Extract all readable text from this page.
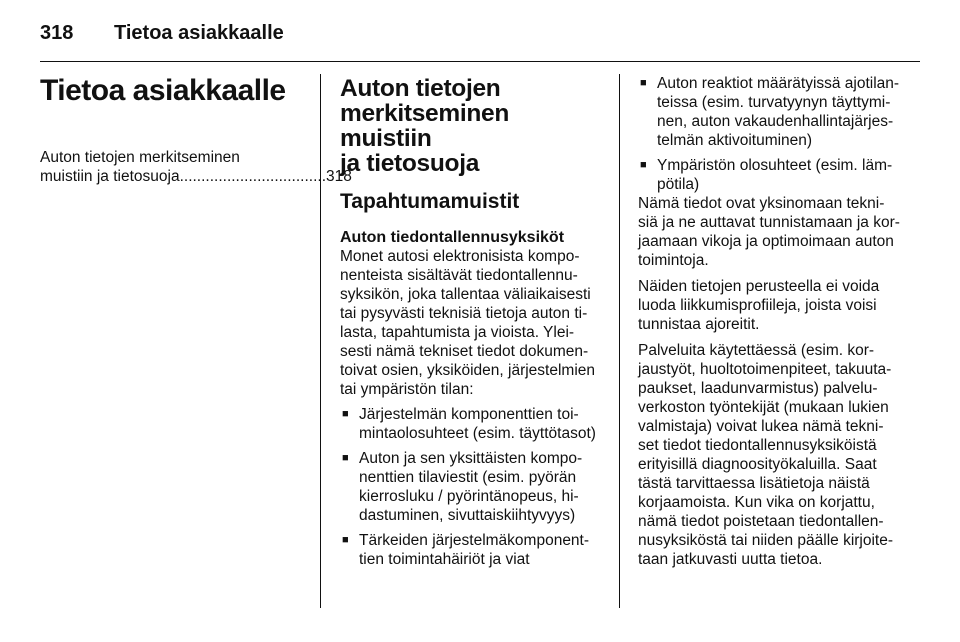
318 Tietoa asiakkaalle
Tietoa asiakkaalle
Auton tietojen merkitseminen
muistiin ja tietosuoja .................................. 318
Auton tietojen
merkitseminen muistiin
ja tietosuoja
Tapahtumamuistit
Auton tiedontallennusyksiköt
Monet autosi elektronisista kompo-
nenteista sisältävät tiedontallennu-
syksikön, joka tallentaa väliaikaisesti
tai pysyvästi teknisiä tietoja auton ti-
lasta, tapahtumista ja vioista. Ylei-
sesti nämä tekniset tiedot dokumen-
toivat osien, yksiköiden, järjestelmien
tai ympäristön tilan:
■ Järjestelmän komponenttien toi-
mintaolosuhteet (esim. täyttötasot)
■ Auton ja sen yksittäisten kompo-
nenttien tilaviestit (esim. pyörän
kierrosluku / pyörintänopeus, hi-
dastuminen, sivuttaiskiihtyvyys)
■ Tärkeiden järjestelmäkomponent-
tien toimintahäiriöt ja viat
■ Auton reaktiot määrätyissä ajotilan-
teissa (esim. turvatyynyn täyttymi-
nen, auton vakaudenhallintajärjes-
telmän aktivoituminen)
■ Ympäristön olosuhteet (esim. läm-
pötila)
Nämä tiedot ovat yksinomaan tekni-
siä ja ne auttavat tunnistamaan ja kor-
jaamaan vikoja ja optimoimaan auton
toimintoja.
Näiden tietojen perusteella ei voida
luoda liikkumisprofiileja, joista voisi
tunnistaa ajoreitit.
Palveluita käytettäessä (esim. kor-
jaustyöt, huoltotoimenpiteet, takuuta-
paukset, laadunvarmistus) palvelu-
verkoston työntekijät (mukaan lukien
valmistaja) voivat lukea nämä tekni-
set tiedot tiedontallennusyksiköistä
erityisillä diagnoosityökaluilla. Saat
tästä tarvittaessa lisätietoja näistä
korjaamoista. Kun vika on korjattu,
nämä tiedot poistetaan tiedontallen-
nusyksiköstä tai niiden päälle kirjoite-
taan jatkuvasti uutta tietoa.
